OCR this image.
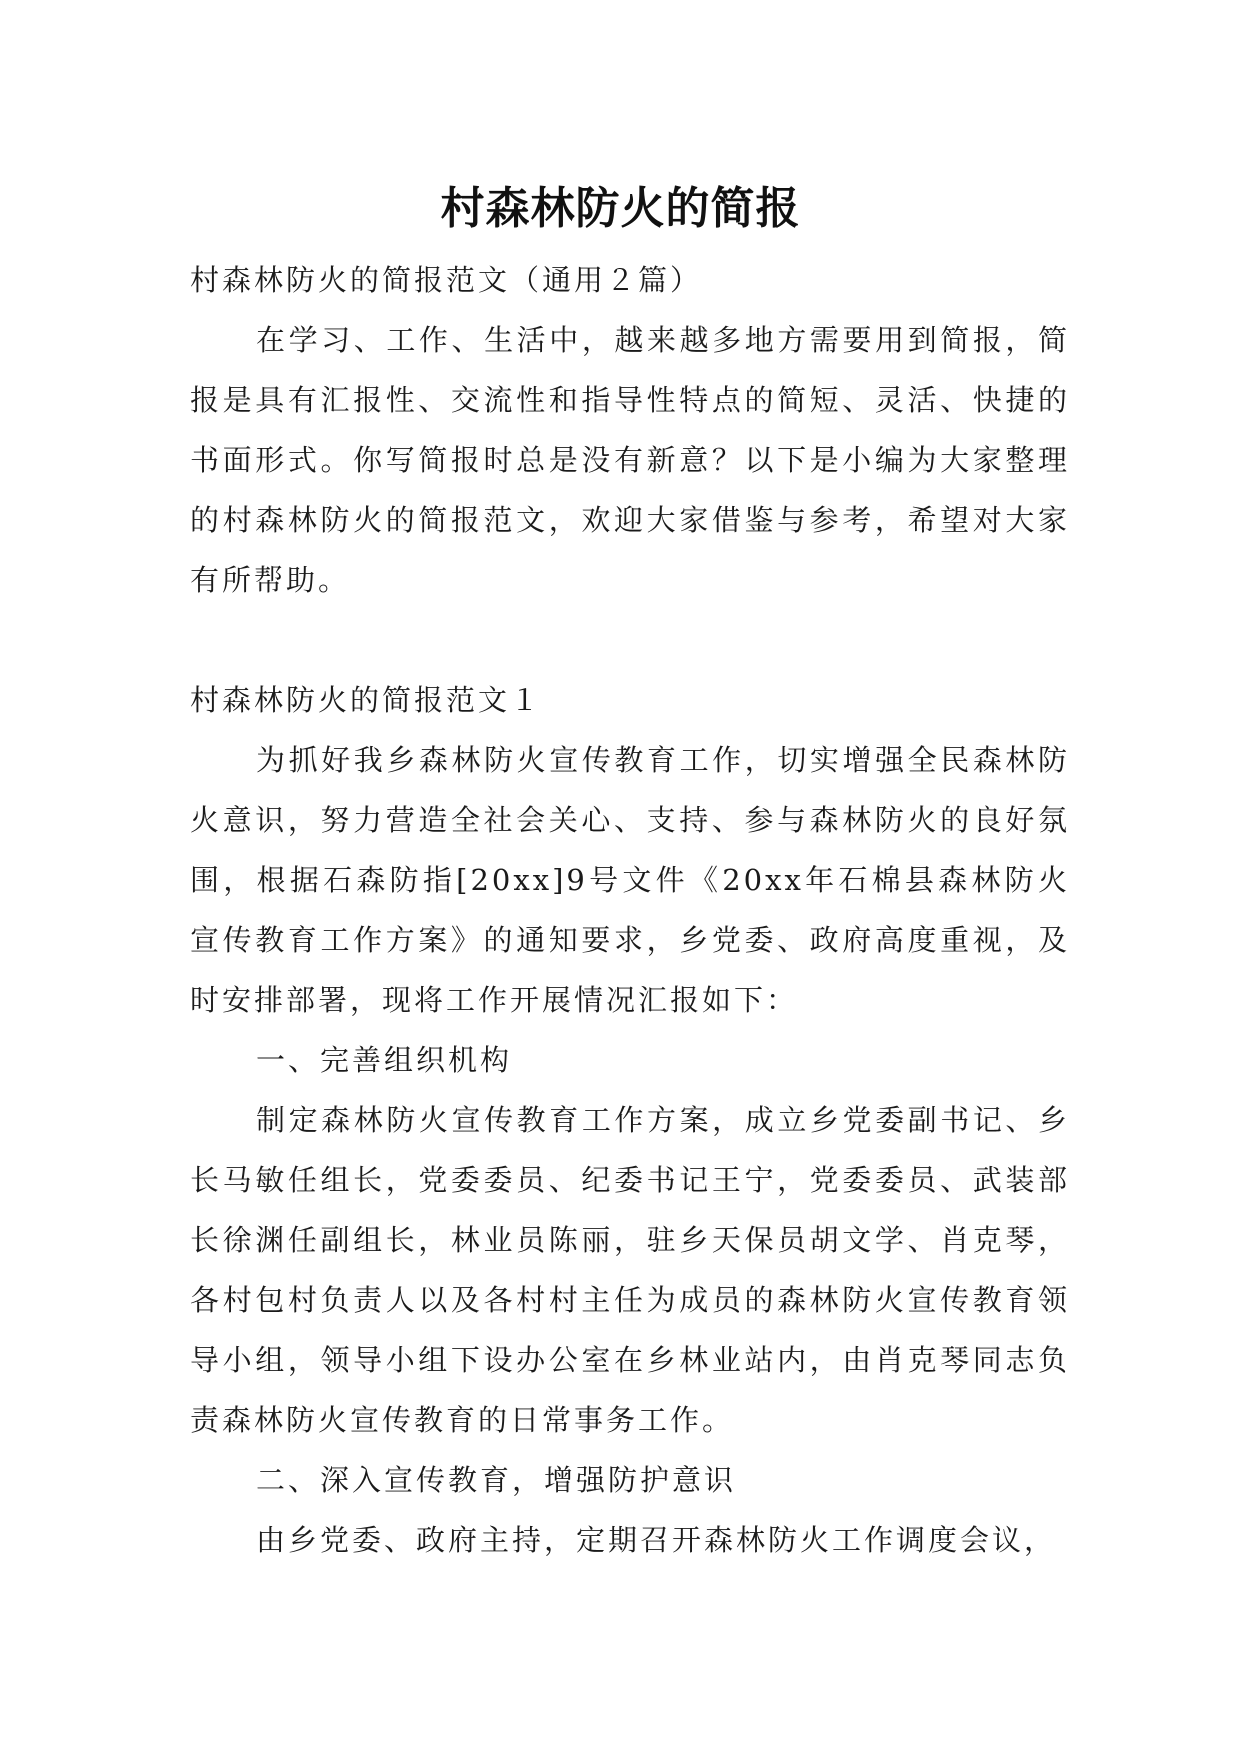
村森林防火的简报

村森林防火的简报范文（通用２篇）

在学习、工作、生活中，越来越多地方需要用到简报，简报是具有汇报性、交流性和指导性特点的简短、灵活、快捷的书面形式。你写简报时总是没有新意？以下是小编为大家整理的村森林防火的简报范文，欢迎大家借鉴与参考，希望对大家有所帮助。

村森林防火的简报范文１

为抓好我乡森林防火宣传教育工作，切实增强全民森林防火意识，努力营造全社会关心、支持、参与森林防火的良好氛围，根据石森防指[20xx]9号文件《20xx年石棉县森林防火宣传教育工作方案》的通知要求，乡党委、政府高度重视，及时安排部署，现将工作开展情况汇报如下：

一、完善组织机构

制定森林防火宣传教育工作方案，成立乡党委副书记、乡长马敏任组长，党委委员、纪委书记王宁，党委委员、武装部长徐渊任副组长，林业员陈丽，驻乡天保员胡文学、肖克琴，各村包村负责人以及各村村主任为成员的森林防火宣传教育领导小组，领导小组下设办公室在乡林业站内，由肖克琴同志负责森林防火宣传教育的日常事务工作。

二、深入宣传教育，增强防护意识

由乡党委、政府主持，定期召开森林防火工作调度会议，
